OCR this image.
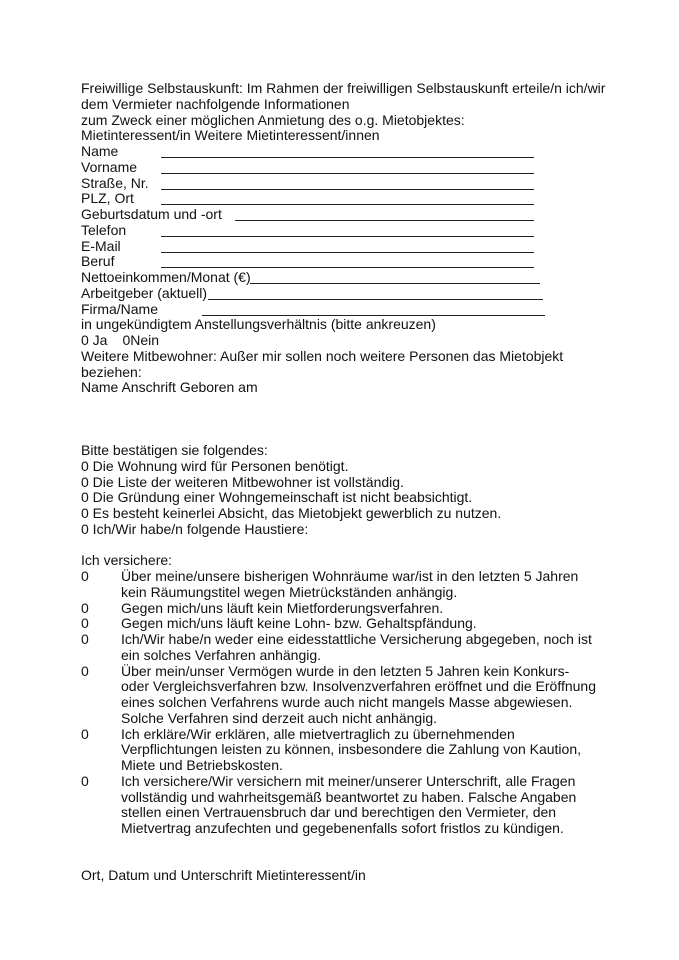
Freiwillige Selbstauskunft: Im Rahmen der freiwilligen Selbstauskunft erteile/n ich/wir
dem Vermieter nachfolgende Informationen
zum Zweck einer möglichen Anmietung des o.g. Mietobjektes:
Mietinteressent/in Weitere Mietinteressent/innen
Name
Vorname
Straße, Nr.
PLZ, Ort
Geburtsdatum und -ort
Telefon
E-Mail
Beruf
Nettoeinkommen/Monat (€)
Arbeitgeber (aktuell)
Firma/Name
in ungekündigtem Anstellungsverhältnis (bitte ankreuzen)
0 Ja 0Nein
Weitere Mitbewohner: Außer mir sollen noch weitere Personen das Mietobjekt
beziehen:
Name Anschrift Geboren am
Bitte bestätigen sie folgendes:
0 Die Wohnung wird für Personen benötigt.
0 Die Liste der weiteren Mitbewohner ist vollständig.
0 Die Gründung einer Wohngemeinschaft ist nicht beabsichtigt.
0 Es besteht keinerlei Absicht, das Mietobjekt gewerblich zu nutzen.
0 Ich/Wir habe/n folgende Haustiere:
Ich versichere:
0	Über meine/unsere bisherigen Wohnräume war/ist in den letzten 5 Jahren kein Räumungstitel wegen Mietrückständen anhängig.
0	Gegen mich/uns läuft kein Mietforderungsverfahren.
0	Gegen mich/uns läuft keine Lohn- bzw. Gehaltspfändung.
0	Ich/Wir habe/n weder eine eidesstattliche Versicherung abgegeben, noch ist ein solches Verfahren anhängig.
0	Über mein/unser Vermögen wurde in den letzten 5 Jahren kein Konkurs- oder Vergleichsverfahren bzw. Insolvenzverfahren eröffnet und die Eröffnung eines solchen Verfahrens wurde auch nicht mangels Masse abgewiesen. Solche Verfahren sind derzeit auch nicht anhängig.
0	Ich erkläre/Wir erklären, alle mietvertraglich zu übernehmenden Verpflichtungen leisten zu können, insbesondere die Zahlung von Kaution, Miete und Betriebskosten.
0	Ich versichere/Wir versichern mit meiner/unserer Unterschrift, alle Fragen vollständig und wahrheitsgemäß beantwortet zu haben. Falsche Angaben stellen einen Vertrauensbruch dar und berechtigen den Vermieter, den Mietvertrag anzufechten und gegebenenfalls sofort fristlos zu kündigen.
Ort, Datum und Unterschrift Mietinteressent/in
